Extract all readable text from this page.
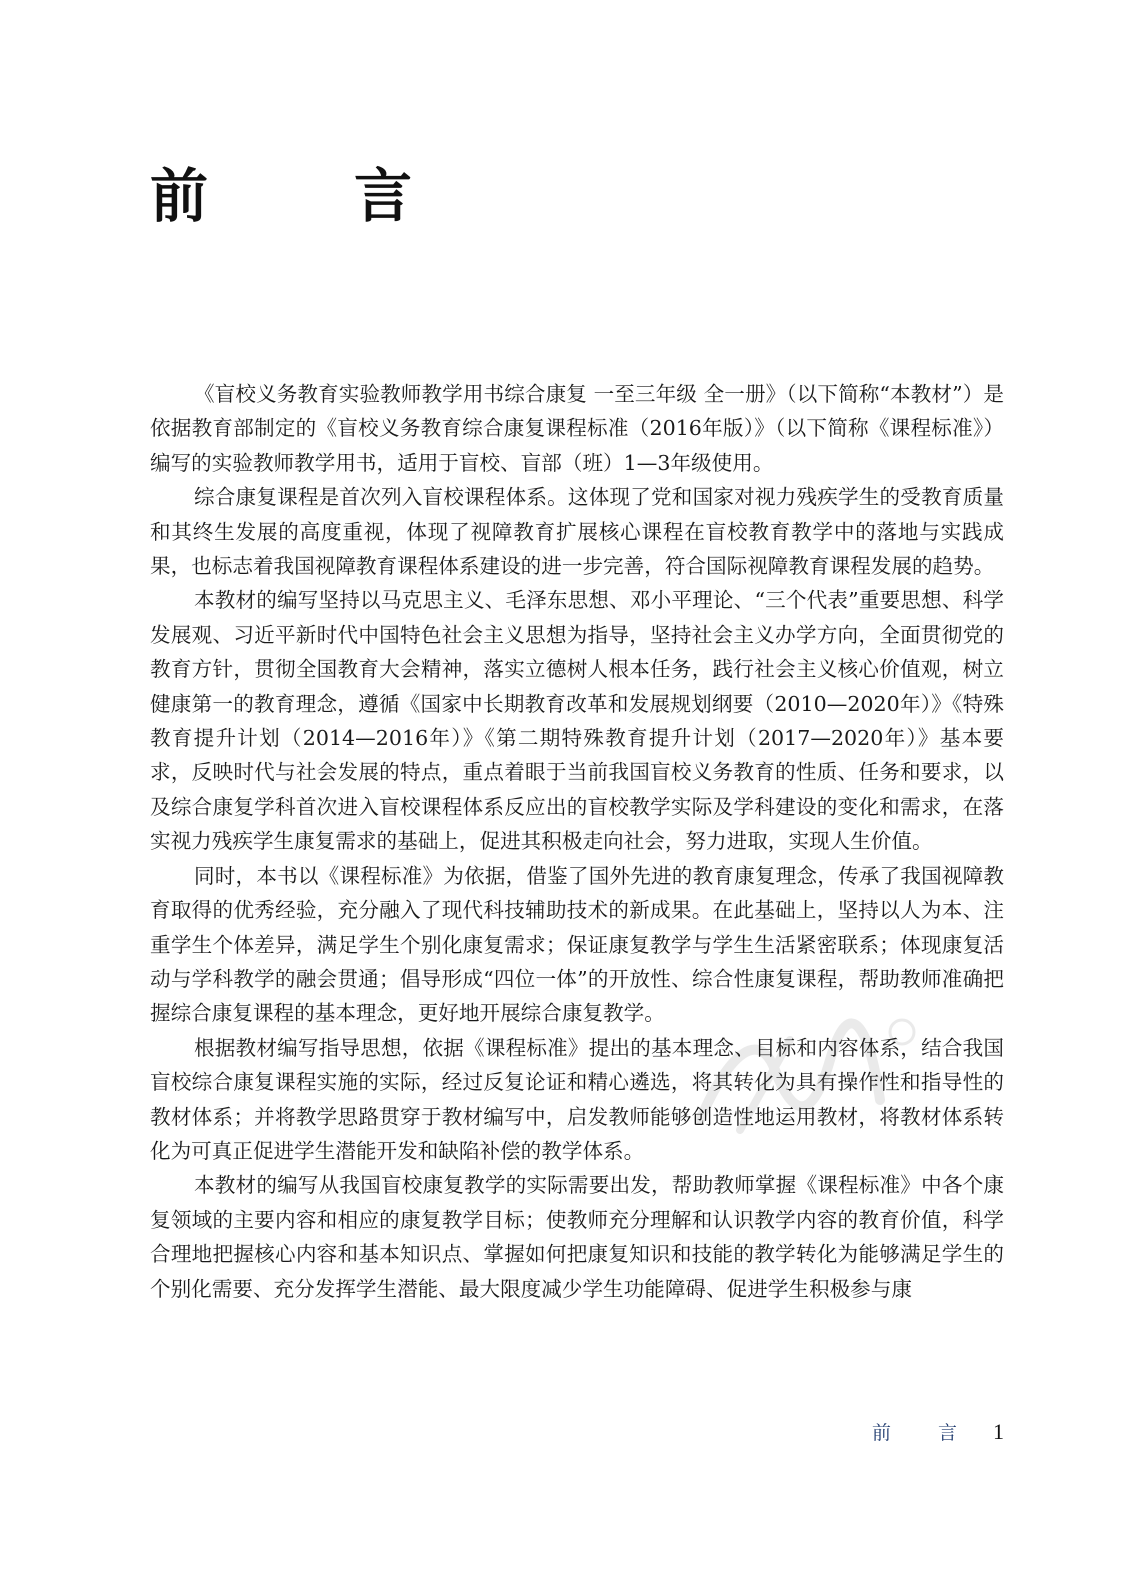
前　言

《盲校义务教育实验教师教学用书综合康复 一至三年级 全一册》（以下简称“本教材”）是依据教育部制定的《盲校义务教育综合康复课程标准（2016年版）》（以下简称《课程标准》）编写的实验教师教学用书，适用于盲校、盲部（班）1—3年级使用。

综合康复课程是首次列入盲校课程体系。这体现了党和国家对视力残疾学生的受教育质量和其终生发展的高度重视，体现了视障教育扩展核心课程在盲校教育教学中的落地与实践成果，也标志着我国视障教育课程体系建设的进一步完善，符合国际视障教育课程发展的趋势。

本教材的编写坚持以马克思主义、毛泽东思想、邓小平理论、“三个代表”重要思想、科学发展观、习近平新时代中国特色社会主义思想为指导，坚持社会主义办学方向，全面贯彻党的教育方针，贯彻全国教育大会精神，落实立德树人根本任务，践行社会主义核心价值观，树立健康第一的教育理念，遵循《国家中长期教育改革和发展规划纲要（2010—2020年）》《特殊教育提升计划（2014—2016年）》《第二期特殊教育提升计划（2017—2020年）》基本要求，反映时代与社会发展的特点，重点着眼于当前我国盲校义务教育的性质、任务和要求，以及综合康复学科首次进入盲校课程体系反应出的盲校教学实际及学科建设的变化和需求，在落实视力残疾学生康复需求的基础上，促进其积极走向社会，努力进取，实现人生价值。

同时，本书以《课程标准》为依据，借鉴了国外先进的教育康复理念，传承了我国视障教育取得的优秀经验，充分融入了现代科技辅助技术的新成果。在此基础上，坚持以人为本、注重学生个体差异，满足学生个别化康复需求；保证康复教学与学生生活紧密联系；体现康复活动与学科教学的融会贯通；倡导形成“四位一体”的开放性、综合性康复课程，帮助教师准确把握综合康复课程的基本理念，更好地开展综合康复教学。

根据教材编写指导思想，依据《课程标准》提出的基本理念、目标和内容体系，结合我国盲校综合康复课程实施的实际，经过反复论证和精心遴选，将其转化为具有操作性和指导性的教材体系；并将教学思路贯穿于教材编写中，启发教师能够创造性地运用教材，将教材体系转化为可真正促进学生潜能开发和缺陷补偿的教学体系。

本教材的编写从我国盲校康复教学的实际需要出发，帮助教师掌握《课程标准》中各个康复领域的主要内容和相应的康复教学目标；使教师充分理解和认识教学内容的教育价值，科学合理地把握核心内容和基本知识点、掌握如何把康复知识和技能的教学转化为能够满足学生的个别化需要、充分发挥学生潜能、最大限度减少学生功能障碍、促进学生积极参与康

前　言 1
